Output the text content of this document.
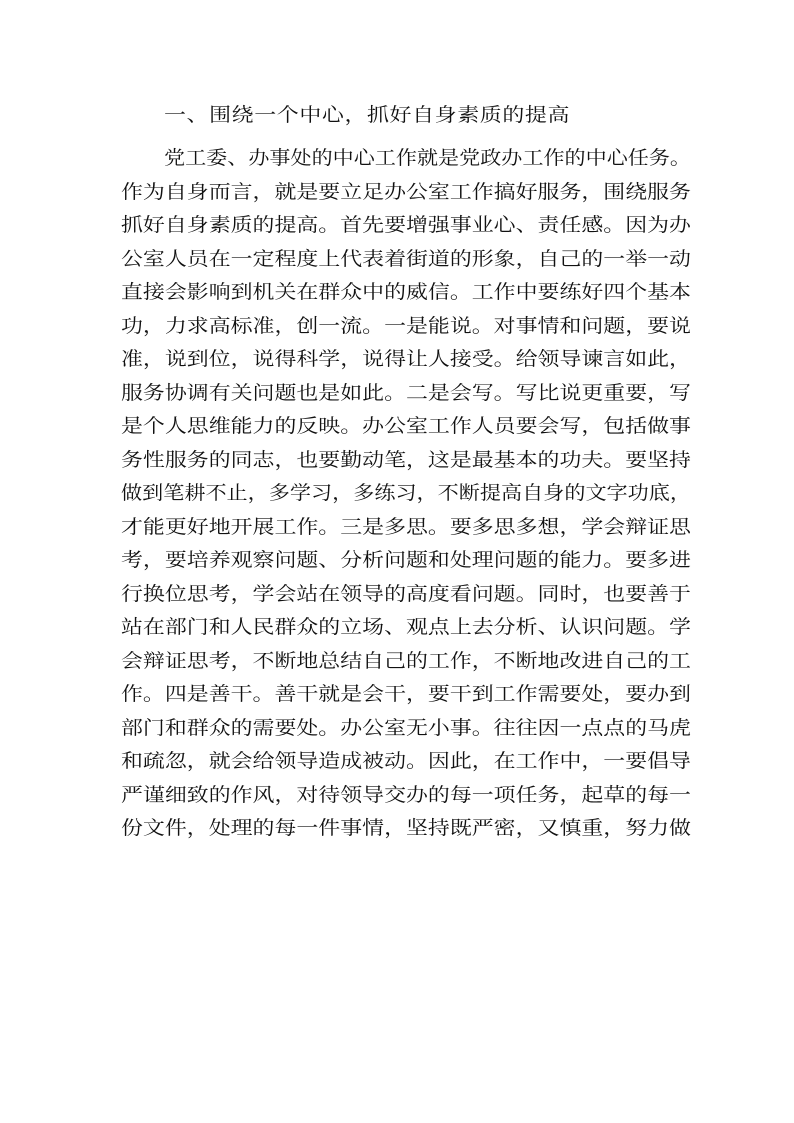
一、围绕一个中心，抓好自身素质的提高
党工委、办事处的中心工作就是党政办工作的中心任务。
作为自身而言，就是要立足办公室工作搞好服务，围绕服务
抓好自身素质的提高。首先要增强事业心、责任感。因为办
公室人员在一定程度上代表着街道的形象，自己的一举一动
直接会影响到机关在群众中的威信。工作中要练好四个基本
功，力求高标准，创一流。一是能说。对事情和问题，要说
准，说到位，说得科学，说得让人接受。给领导谏言如此，
服务协调有关问题也是如此。二是会写。写比说更重要，写
是个人思维能力的反映。办公室工作人员要会写，包括做事
务性服务的同志，也要勤动笔，这是最基本的功夫。要坚持
做到笔耕不止，多学习，多练习，不断提高自身的文字功底，
才能更好地开展工作。三是多思。要多思多想，学会辩证思
考，要培养观察问题、分析问题和处理问题的能力。要多进
行换位思考，学会站在领导的高度看问题。同时，也要善于
站在部门和人民群众的立场、观点上去分析、认识问题。学
会辩证思考，不断地总结自己的工作，不断地改进自己的工
作。四是善干。善干就是会干，要干到工作需要处，要办到
部门和群众的需要处。办公室无小事。往往因一点点的马虎
和疏忽，就会给领导造成被动。因此，在工作中，一要倡导
严谨细致的作风，对待领导交办的每一项任务，起草的每一
份文件，处理的每一件事情，坚持既严密，又慎重，努力做
